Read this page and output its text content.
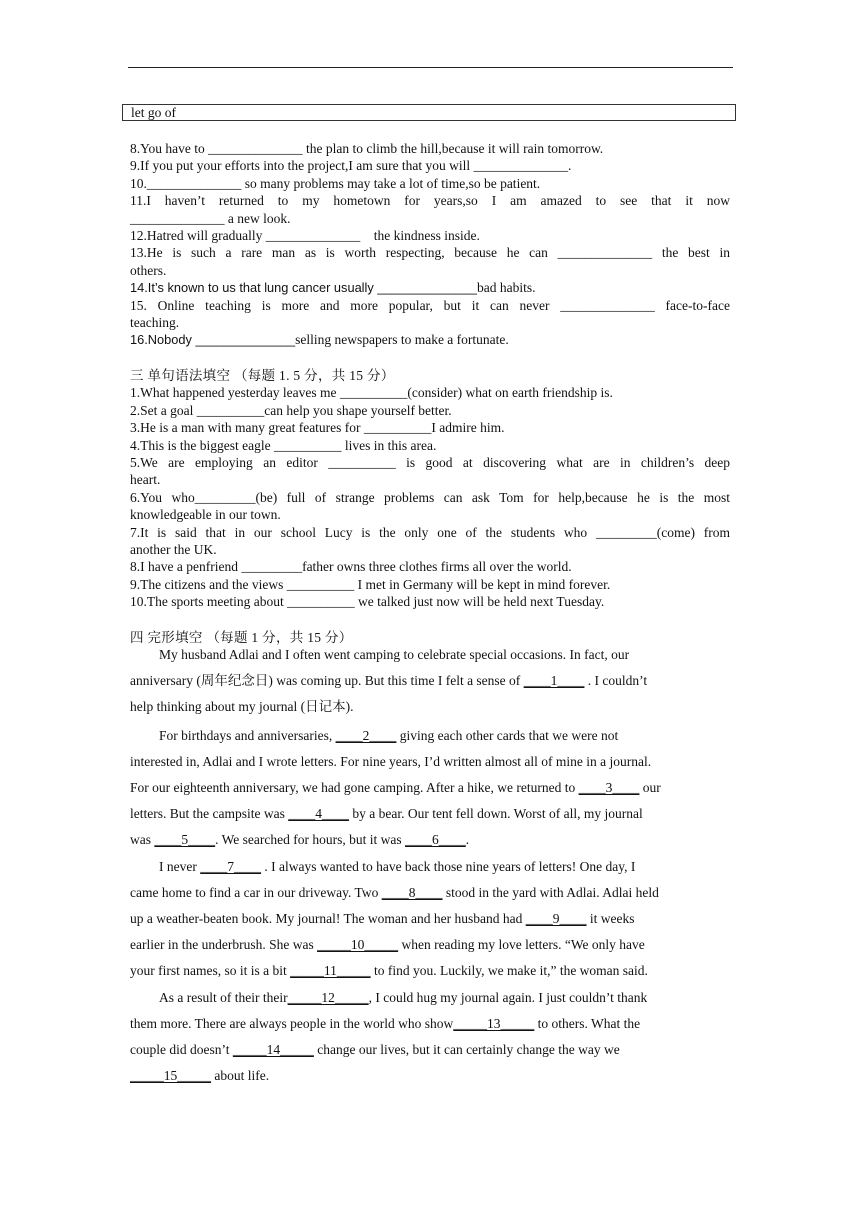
let go of

8.You have to ______________ the plan to climb the hill,because it will rain tomorrow.

9.If you put your efforts into the project,I am sure that you will ______________.

10.______________ so many problems may take a lot of time,so be patient.

11.I haven’t returned to my hometown for years,so I am amazed to see that it now

______________ a new look.

12.Hatred will gradually ______________    the kindness inside.

13.He is such a rare man as is worth respecting, because he can ______________ the best in

others.

14.It’s known to us that lung cancer usually ______________bad habits.

15. Online teaching is more and more popular, but it can never ______________ face-to-face

teaching.

16.Nobody ______________selling newspapers to make a fortunate.

三 单句语法填空 （每题 1. 5 分，共 15 分）

1.What happened yesterday leaves me __________(consider) what on earth friendship is.

2.Set a goal __________can help you shape yourself better.

3.He is a man with many great features for __________I admire him.

4.This is the biggest eagle __________ lives in this area.

5.We are employing an editor __________ is good at discovering what are in children’s deep

heart.

6.You who_________(be) full of strange problems can ask Tom for help,because he is the most

knowledgeable in our town.

7.It is said that in our school Lucy is the only one of the students who _________(come) from

another the UK.

8.I have a penfriend _________father owns three clothes firms all over the world.

9.The citizens and the views __________ I met in Germany will be kept in mind forever.

10.The sports meeting about __________ we talked just now will be held next Tuesday.

四 完形填空 （每题 1 分，共 15 分）

My husband Adlai and I often went camping to celebrate special occasions. In fact, our

anniversary (周年纪念日) was coming up. But this time I felt a sense of ____1____ . I couldn’t

help thinking about my journal (日记本).

For birthdays and anniversaries, ____2____ giving each other cards that we were not

interested in, Adlai and I wrote letters. For nine years, I’d written almost all of mine in a journal.

For our eighteenth anniversary, we had gone camping. After a hike, we returned to ____3____ our

letters. But the campsite was ____4____ by a bear. Our tent fell down. Worst of all, my journal

was ____5____. We searched for hours, but it was ____6____.

I never ____7____ . I always wanted to have back those nine years of letters! One day, I

came home to find a car in our driveway. Two ____8____ stood in the yard with Adlai. Adlai held

up a weather-beaten book. My journal! The woman and her husband had ____9____ it weeks

earlier in the underbrush. She was _____10_____ when reading my love letters. “We only have

your first names, so it is a bit _____11_____ to find you. Luckily, we make it,” the woman said.

As a result of their their_____12_____, I could hug my journal again. I just couldn’t thank

them more. There are always people in the world who show_____13_____ to others. What the

couple did doesn’t _____14_____ change our lives, but it can certainly change the way we

_____15_____ about life.
